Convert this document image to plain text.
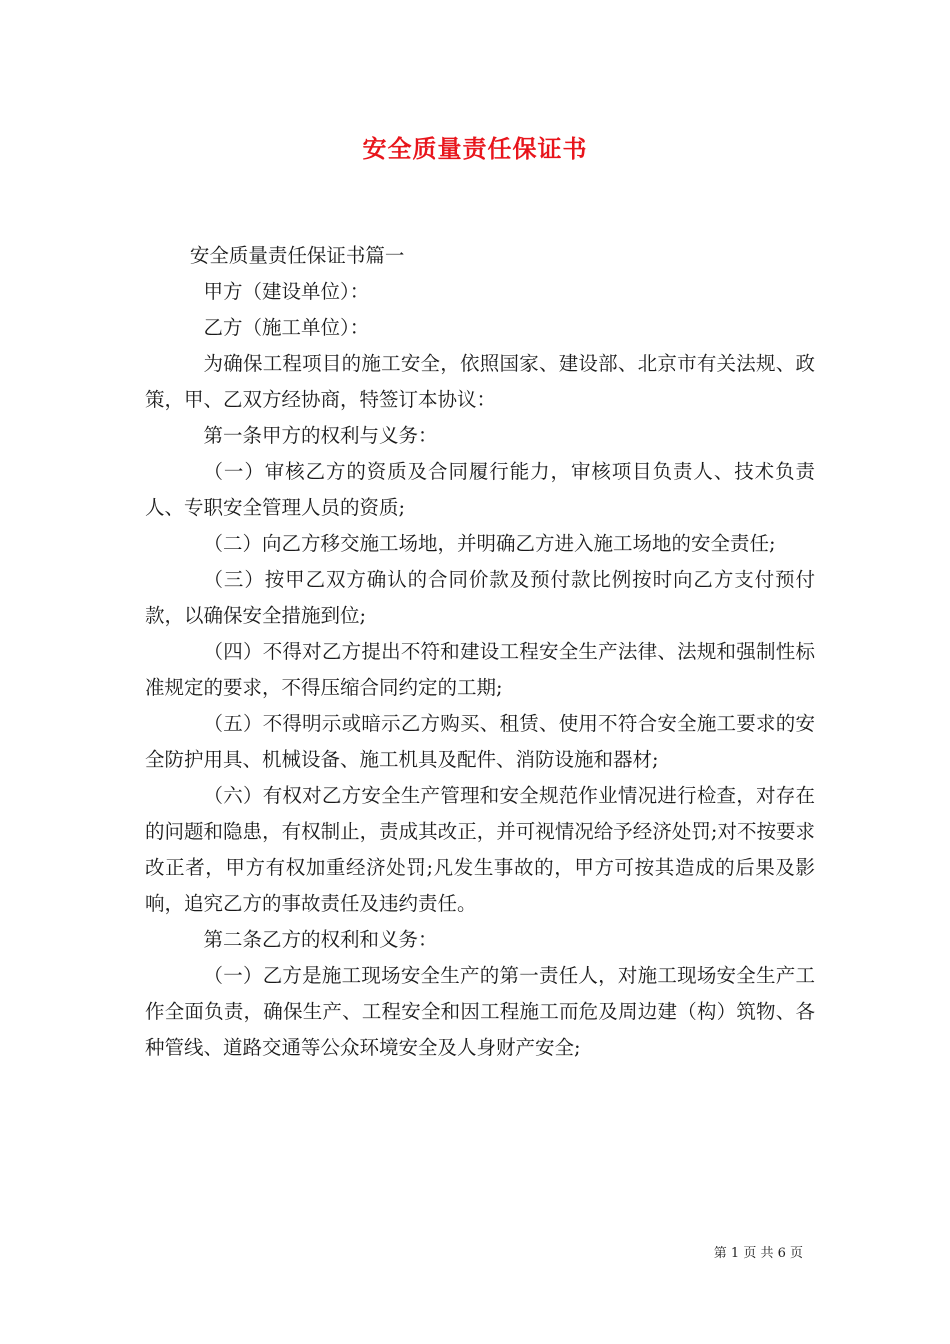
安全质量责任保证书

安全质量责任保证书篇一

甲方（建设单位）：

乙方（施工单位）：

为确保工程项目的施工安全，依照国家、建设部、北京市有关法规、政策，甲、乙双方经协商，特签订本协议：

第一条甲方的权利与义务：

（一）审核乙方的资质及合同履行能力，审核项目负责人、技术负责人、专职安全管理人员的资质;

（二）向乙方移交施工场地，并明确乙方进入施工场地的安全责任;

（三）按甲乙双方确认的合同价款及预付款比例按时向乙方支付预付款，以确保安全措施到位;

（四）不得对乙方提出不符和建设工程安全生产法律、法规和强制性标准规定的要求，不得压缩合同约定的工期;

（五）不得明示或暗示乙方购买、租赁、使用不符合安全施工要求的安全防护用具、机械设备、施工机具及配件、消防设施和器材;

（六）有权对乙方安全生产管理和安全规范作业情况进行检查，对存在的问题和隐患，有权制止，责成其改正，并可视情况给予经济处罚;对不按要求改正者，甲方有权加重经济处罚;凡发生事故的，甲方可按其造成的后果及影响，追究乙方的事故责任及违约责任。

第二条乙方的权利和义务：

（一）乙方是施工现场安全生产的第一责任人，对施工现场安全生产工作全面负责，确保生产、工程安全和因工程施工而危及周边建（构）筑物、各种管线、道路交通等公众环境安全及人身财产安全;

第 1 页 共 6 页
